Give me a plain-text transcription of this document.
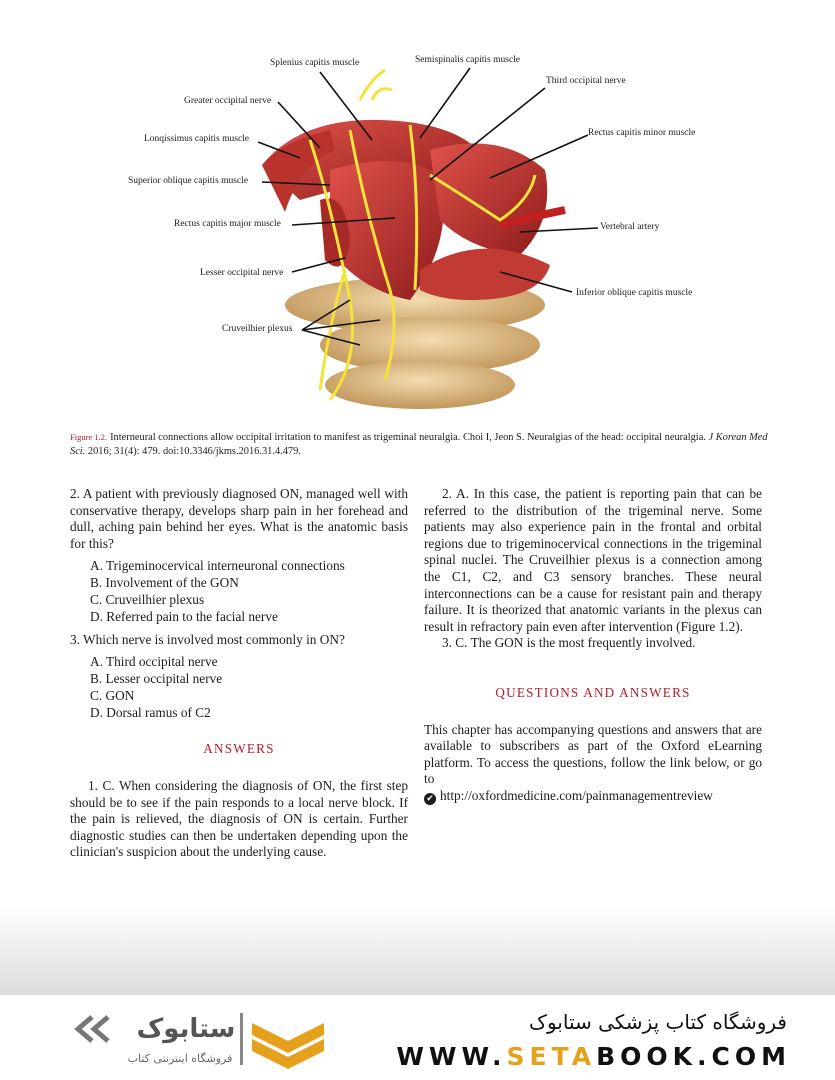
Splenius capitis muscle	Semispinalis capitis muscle
Third occipital nerve
Greater occipital nerve
Lonqissimus capitis muscle
Rectus capitis minor muscle
Superior oblique capitis muscle
Rectus capitis major muscle	Vertebral artery
Lesser occipital nerve
Inferior oblique capitis muscle
Cruveilhier plexus
Figure 1.2. Interneural connections allow occipital irritation to manifest as trigeminal neuralgia. Choi I, Jeon S. Neuralgias of the head: occipital neuralgia. J Korean Med Sci. 2016; 31(4): 479. doi:10.3346/jkms.2016.31.4.479.

2. A patient with previously diagnosed ON, managed well with conservative therapy, develops sharp pain in her forehead and dull, aching pain behind her eyes. What is the anatomic basis for this?

A. Trigeminocervical interneuronal connections
B. Involvement of the GON
C. Cruveilhier plexus
D. Referred pain to the facial nerve

3. Which nerve is involved most commonly in ON?

A. Third occipital nerve
B. Lesser occipital nerve
C. GON
D. Dorsal ramus of C2

ANSWERS

1. C. When considering the diagnosis of ON, the first step should be to see if the pain responds to a local nerve block. If the pain is relieved, the diagnosis of ON is certain. Further diagnostic studies can then be undertaken depending upon the clinician's suspicion about the underlying cause.

2. A. In this case, the patient is reporting pain that can be referred to the distribution of the trigeminal nerve. Some patients may also experience pain in the frontal and orbital regions due to trigeminocervical connections in the trigeminal spinal nuclei. The Cruveilhier plexus is a connection among the C1, C2, and C3 sensory branches. These neural interconnections can be a cause for resistant pain and therapy failure. It is theorized that anatomic variants in the plexus can result in refractory pain even after intervention (Figure 1.2).

3. C. The GON is the most frequently involved.

QUESTIONS AND ANSWERS

This chapter has accompanying questions and answers that are available to subscribers as part of the Oxford eLearning platform. To access the questions, follow the link below, or go to

✔ http://oxfordmedicine.com/painmanagementreview

ستابوک
فروشگاه اینترنتی کتاب
فروشگاه کتاب پزشکی ستابوک
WWW.SETABOOK.COM
